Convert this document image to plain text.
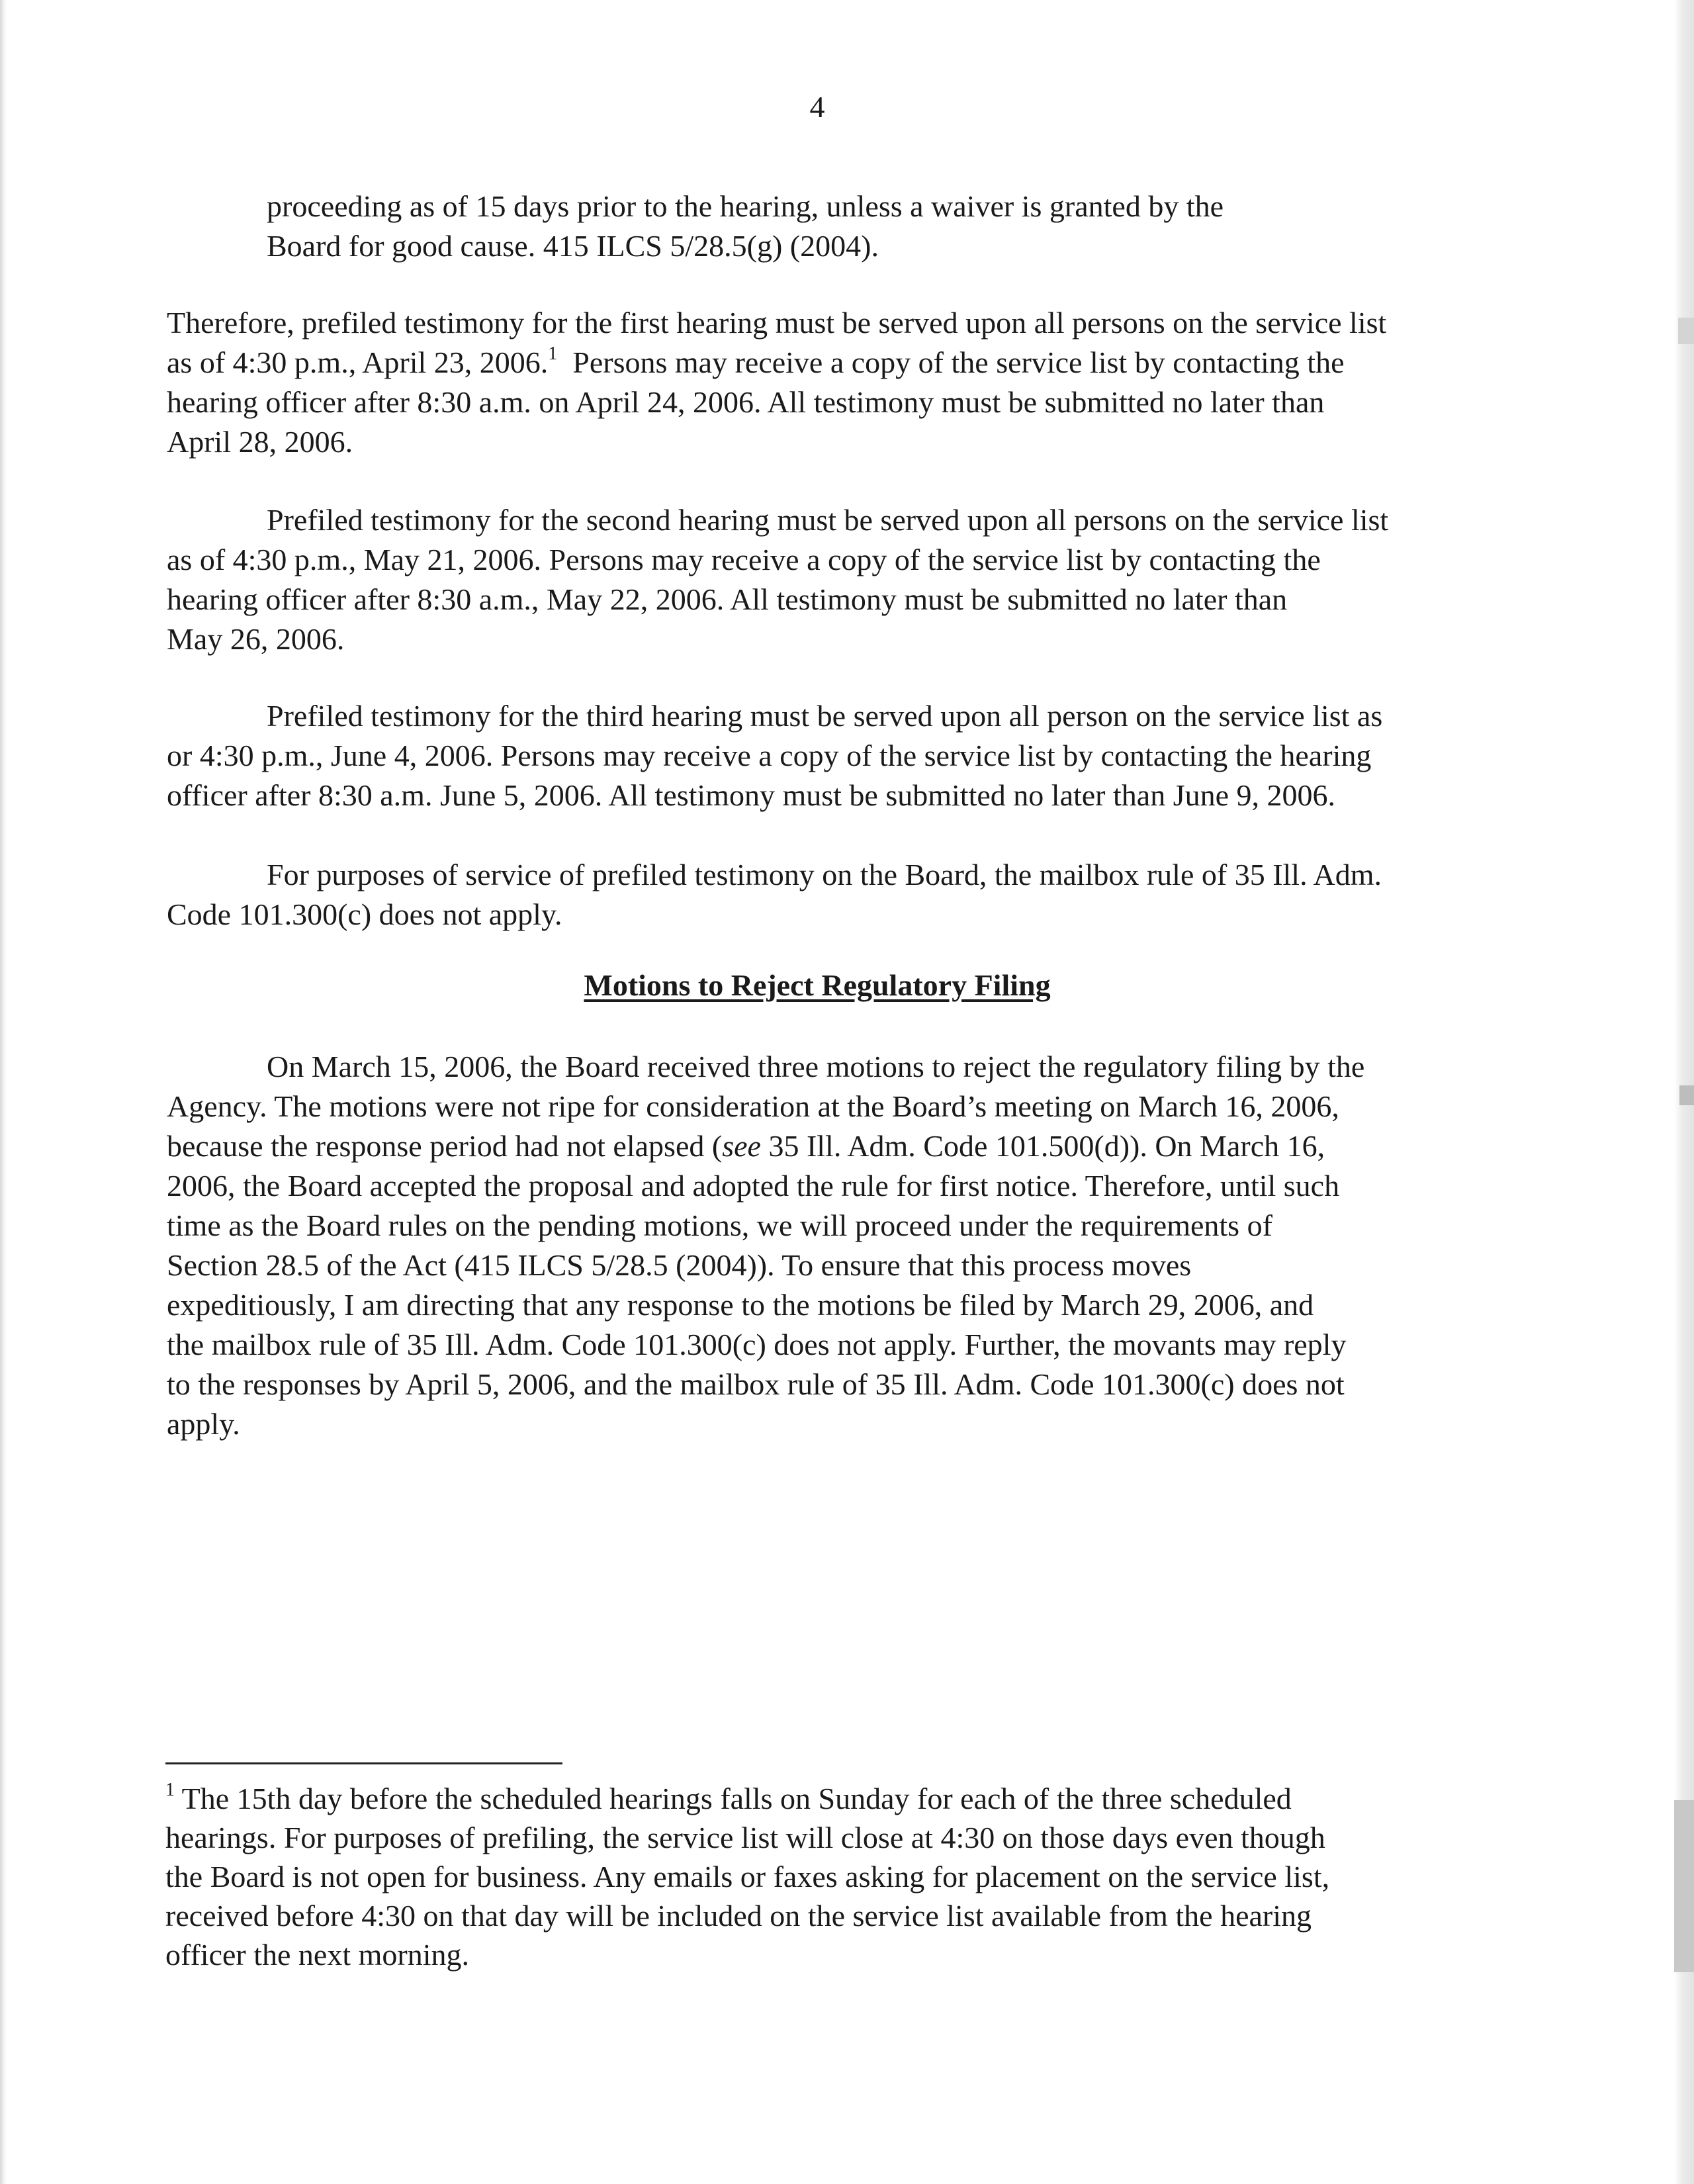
4

proceeding as of 15 days prior to the hearing, unless a waiver is granted by the

Board for good cause. 415 ILCS 5/28.5(g) (2004).

Therefore, prefiled testimony for the first hearing must be served upon all persons on the service list

as of 4:30 p.m., April 23, 2006.$^1$  Persons may receive a copy of the service list by contacting the

hearing officer after 8:30 a.m. on April 24, 2006. All testimony must be submitted no later than

April 28, 2006.

Prefiled testimony for the second hearing must be served upon all persons on the service list

as of 4:30 p.m., May 21, 2006. Persons may receive a copy of the service list by contacting the

hearing officer after 8:30 a.m., May 22, 2006. All testimony must be submitted no later than

May 26, 2006.

Prefiled testimony for the third hearing must be served upon all person on the service list as

or 4:30 p.m., June 4, 2006. Persons may receive a copy of the service list by contacting the hearing

officer after 8:30 a.m. June 5, 2006. All testimony must be submitted no later than June 9, 2006.

For purposes of service of prefiled testimony on the Board, the mailbox rule of 35 Ill. Adm.

Code 101.300(c) does not apply.

Motions to Reject Regulatory Filing

On March 15, 2006, the Board received three motions to reject the regulatory filing by the

Agency. The motions were not ripe for consideration at the Board’s meeting on March 16, 2006,

because the response period had not elapsed (see 35 Ill. Adm. Code 101.500(d)). On March 16,

2006, the Board accepted the proposal and adopted the rule for first notice. Therefore, until such

time as the Board rules on the pending motions, we will proceed under the requirements of

Section 28.5 of the Act (415 ILCS 5/28.5 (2004)). To ensure that this process moves

expeditiously, I am directing that any response to the motions be filed by March 29, 2006, and

the mailbox rule of 35 Ill. Adm. Code 101.300(c) does not apply. Further, the movants may reply

to the responses by April 5, 2006, and the mailbox rule of 35 Ill. Adm. Code 101.300(c) does not

apply.

$^1$ The 15th day before the scheduled hearings falls on Sunday for each of the three scheduled

hearings. For purposes of prefiling, the service list will close at 4:30 on those days even though

the Board is not open for business. Any emails or faxes asking for placement on the service list,

received before 4:30 on that day will be included on the service list available from the hearing

officer the next morning.
